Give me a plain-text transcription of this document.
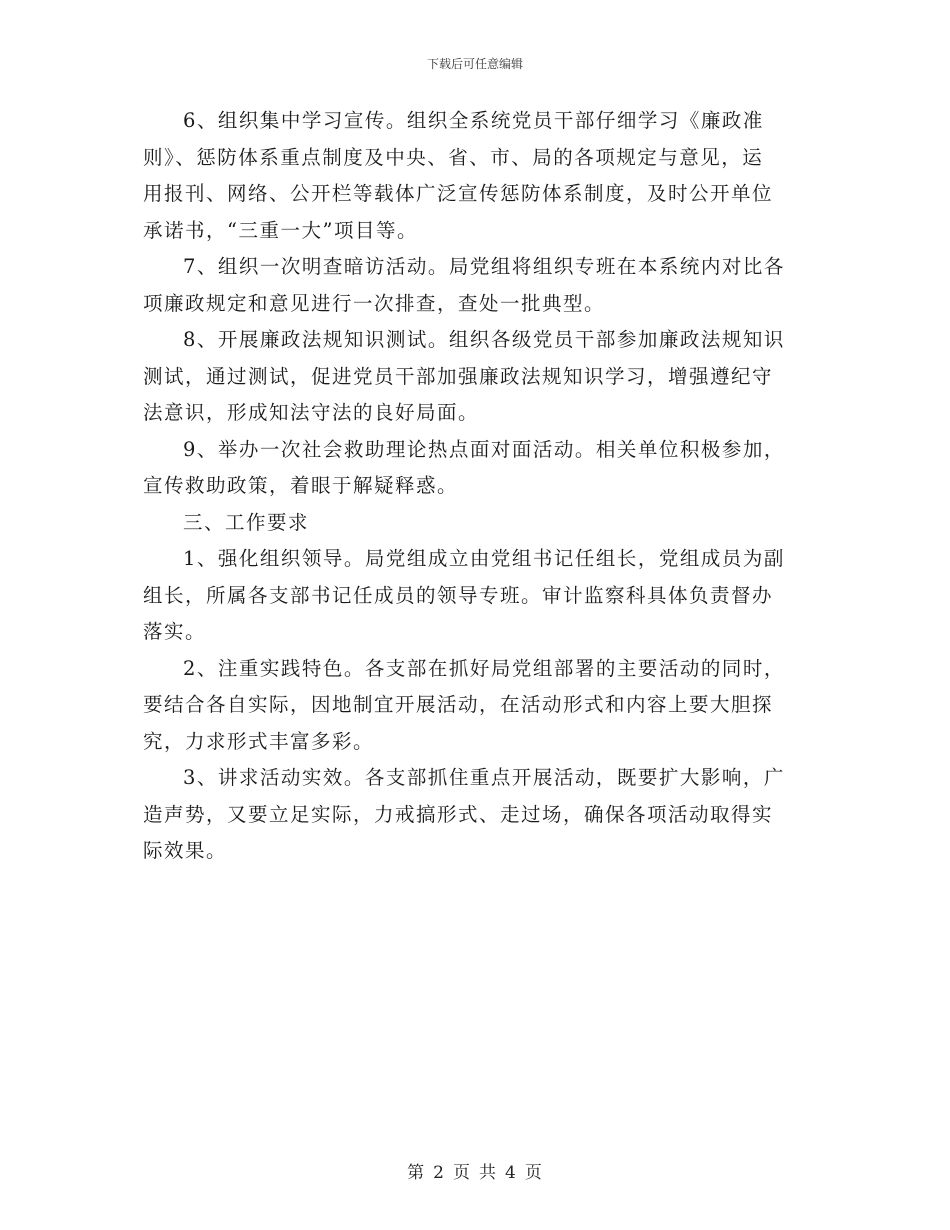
下载后可任意编辑

6、组织集中学习宣传。组织全系统党员干部仔细学习《廉政准
则》、惩防体系重点制度及中央、省、市、局的各项规定与意见，运
用报刊、网络、公开栏等载体广泛宣传惩防体系制度，及时公开单位
承诺书，“三重一大”项目等。

7、组织一次明查暗访活动。局党组将组织专班在本系统内对比各
项廉政规定和意见进行一次排查，查处一批典型。

8、开展廉政法规知识测试。组织各级党员干部参加廉政法规知识
测试，通过测试，促进党员干部加强廉政法规知识学习，增强遵纪守
法意识，形成知法守法的良好局面。

9、举办一次社会救助理论热点面对面活动。相关单位积极参加，
宣传救助政策，着眼于解疑释惑。

三、工作要求

1、强化组织领导。局党组成立由党组书记任组长，党组成员为副
组长，所属各支部书记任成员的领导专班。审计监察科具体负责督办
落实。

2、注重实践特色。各支部在抓好局党组部署的主要活动的同时，
要结合各自实际，因地制宜开展活动，在活动形式和内容上要大胆探
究，力求形式丰富多彩。

3、讲求活动实效。各支部抓住重点开展活动，既要扩大影响，广
造声势，又要立足实际，力戒搞形式、走过场，确保各项活动取得实
际效果。

第 2 页 共 4 页
